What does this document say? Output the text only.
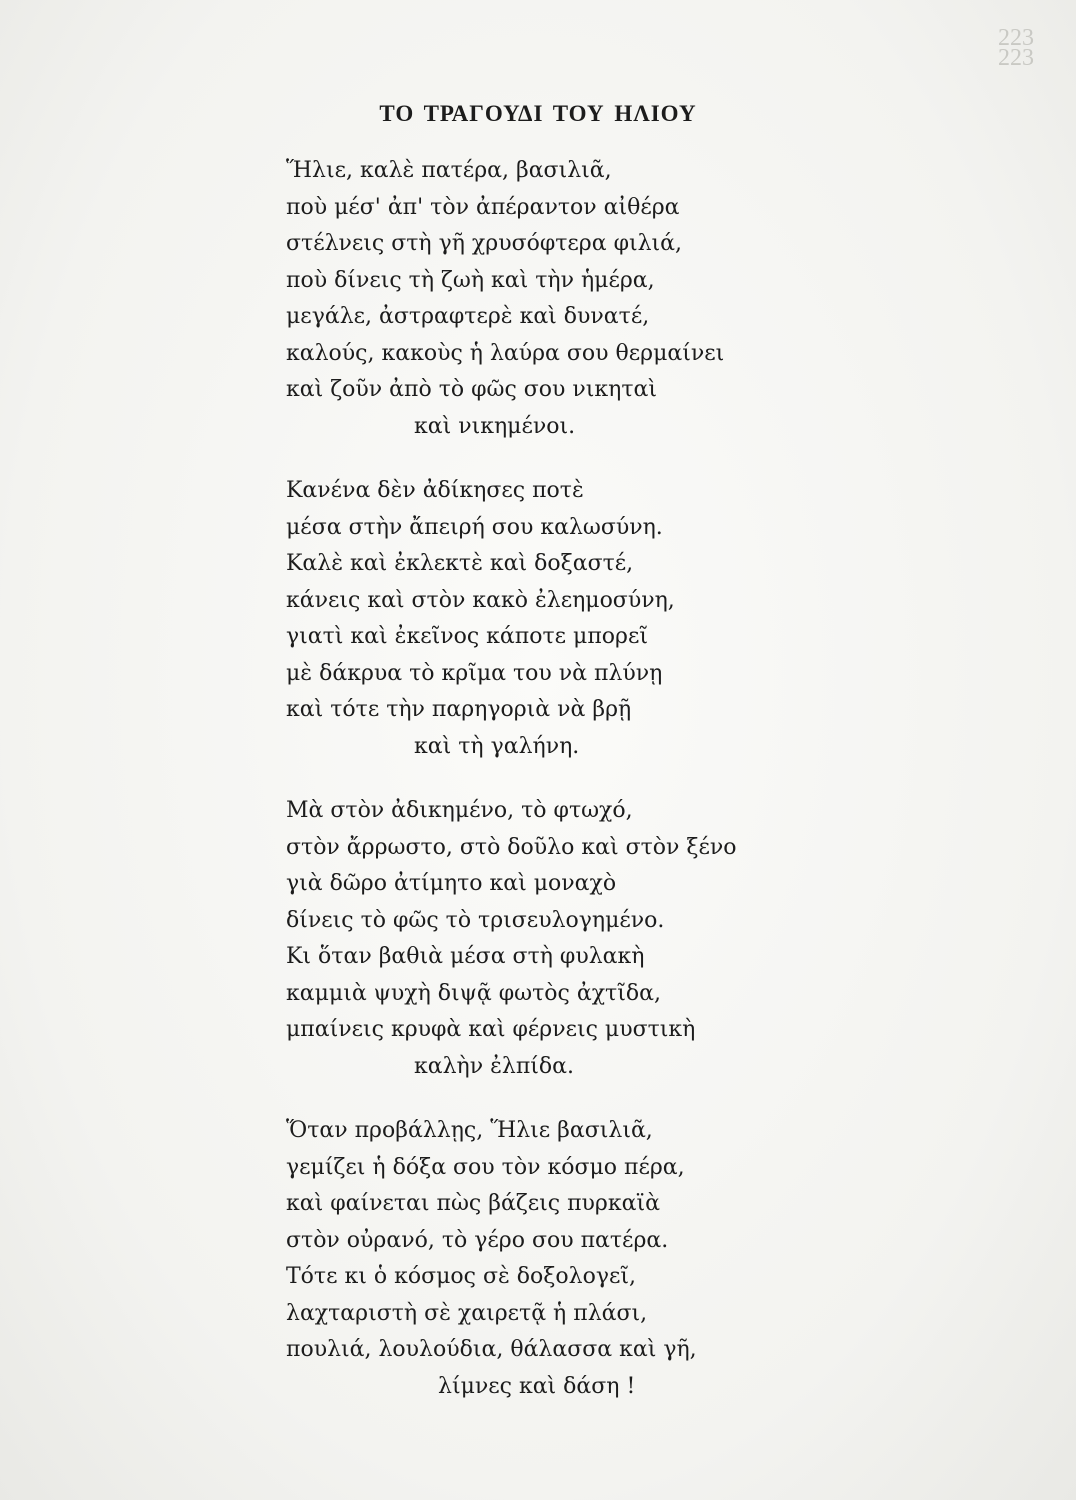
223
223
ΤΟ ΤΡΑΓΟΥΔΙ ΤΟΥ ΗΛΙΟΥ
Ἥλιε, καλὲ πατέρα, βασιλιᾶ,
ποὺ μέσ' ἀπ' τὸν ἀπέραντον αἰθέρα
στέλνεις στὴ γῆ χρυσόφτερα φιλιά,
ποὺ δίνεις τὴ ζωὴ καὶ τὴν ἡμέρα,
μεγάλε, ἀστραφτερὲ καὶ δυνατέ,
καλούς, κακοὺς ἡ λαύρα σου θερμαίνει
καὶ ζοῦν ἀπὸ τὸ φῶς σου νικηταὶ
καὶ νικημένοι.
Κανένα δὲν ἀδίκησες ποτὲ
μέσα στὴν ἄπειρή σου καλωσύνη.
Καλὲ καὶ ἐκλεκτὲ καὶ δοξαστέ,
κάνεις καὶ στὸν κακὸ ἐλεημοσύνη,
γιατὶ καὶ ἐκεῖνος κάποτε μπορεῖ
μὲ δάκρυα τὸ κρῖμα του νὰ πλύνῃ
καὶ τότε τὴν παρηγοριὰ νὰ βρῇ
καὶ τὴ γαλήνη.
Μὰ στὸν ἀδικημένο, τὸ φτωχό,
στὸν ἄρρωστο, στὸ δοῦλο καὶ στὸν ξένο
γιὰ δῶρο ἀτίμητο καὶ μοναχὸ
δίνεις τὸ φῶς τὸ τρισευλογημένο.
Κι ὅταν βαθιὰ μέσα στὴ φυλακὴ
καμμιὰ ψυχὴ διψᾷ φωτὸς ἀχτῖδα,
μπαίνεις κρυφὰ καὶ φέρνεις μυστικὴ
καλὴν ἐλπίδα.
Ὅταν προβάλλῃς, Ἥλιε βασιλιᾶ,
γεμίζει ἡ δόξα σου τὸν κόσμο πέρα,
καὶ φαίνεται πὼς βάζεις πυρκαϊὰ
στὸν οὐρανό, τὸ γέρο σου πατέρα.
Τότε κι ὁ κόσμος σὲ δοξολογεῖ,
λαχταριστὴ σὲ χαιρετᾷ ἡ πλάσι,
πουλιά, λουλούδια, θάλασσα καὶ γῆ,
λίμνες καὶ δάση !
